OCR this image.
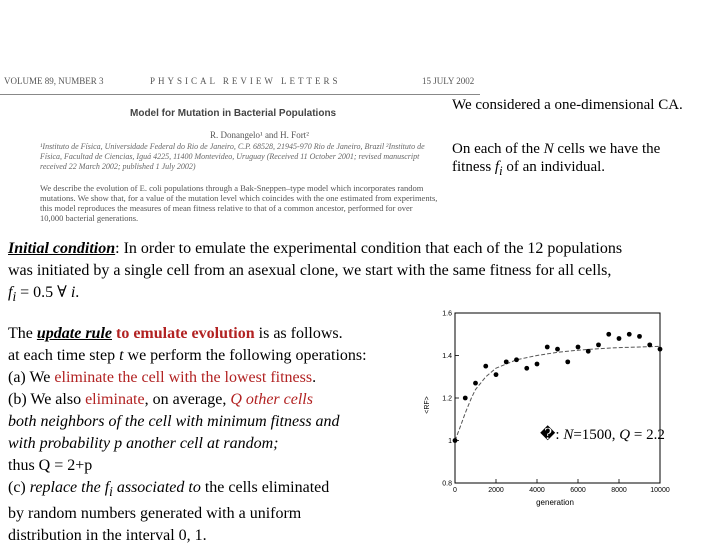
VOLUME 89, NUMBER 3	PHYSICAL REVIEW LETTERS	15 JULY 2002
Model for Mutation in Bacterial Populations
R. Donangelo¹ and H. Fort²
¹Instituto de Física, Universidade Federal do Rio de Janeiro, C.P. 68528, 21945-970 Rio de Janeiro, Brazil ²Instituto de Física, Facultad de Ciencias, Iguá 4225, 11400 Montevideo, Uruguay (Received 11 October 2001; revised manuscript received 22 March 2002; published 1 July 2002)
We describe the evolution of E. coli populations through a Bak-Sneppen–type model which incorporates random mutations. We show that, for a value of the mutation level which coincides with the one estimated from experiments, this model reproduces the measures of mean fitness relative to that of a common ancestor, performed for over 10,000 bacterial generations.
We considered a one-dimensional CA.
On each of the N cells we have the
fitness $f_i$ of an individual.
Initial condition: In order to emulate the experimental condition that each of the 12 populations
was initiated by a single cell from an asexual clone, we start with the same fitness for all cells,
$f_i = 0.5$ ∀ i.
The update rule to emulate evolution is as follows.
at each time step t we perform the following operations:
(a) We eliminate the cell with the lowest fitness.
(b) We also eliminate, on average, Q other cells
both neighbors of the cell with minimum fitness and
with probability p another cell at random;
thus Q = 2+p
(c) replace the $f_i$ associated to the cells eliminated
by random numbers generated with a uniform
distribution in the interval 0, 1.
0.8
1
1.2
1.4
1.6
0	2000	4000	6000	8000	10000
<RF>
generation
�: N=1500, Q = 2.2
